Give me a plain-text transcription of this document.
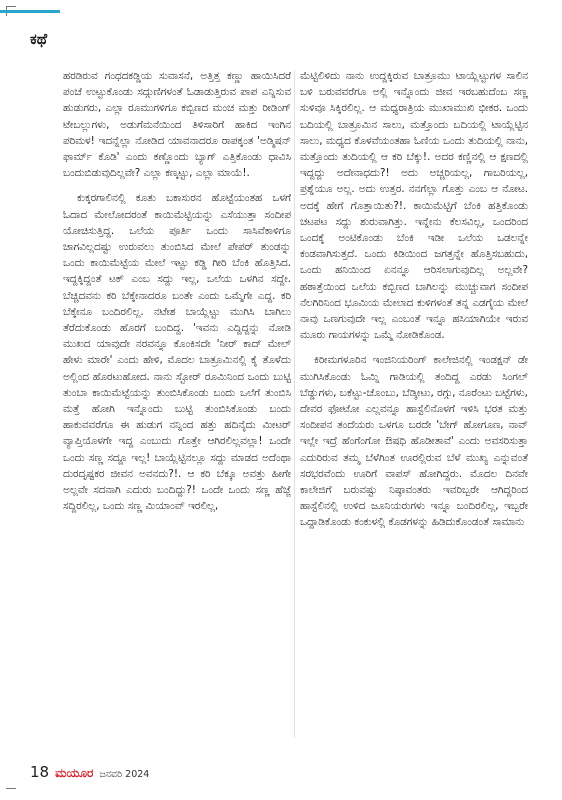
ಕಥೆ

ಹರಡಿರುವ ಗಂಧದಕಡ್ಡಿಯ ಸುವಾಸನೆ, ಅತ್ತಿತ್ತ ಕಣ್ಣು ಹಾಯಿಸಿದರೆ ಪಂಚೆ ಉಟ್ಟುಕೊಂಡು ಸದ್ಗುಣಿಗಳಂತೆ ಓಡಾಡುತ್ತಿರುವ ಪಾಪ ಎನ್ನಿಸುವ ಹುಡುಗರು, ಎಲ್ಲಾ ರೂಮುಗಳಿಗೂ ಕಬ್ಬಿಣದ ಮಂಚ ಮತ್ತು ರೀಡಿಂಗ್ ಟೇಬಲ್ಲುಗಳು, ಅಡುಗೆಮನೆಯಿಂದ ತಿಳಿಸಾರಿಗೆ ಹಾಕಿದ ಇಂಗಿನ ಪರಿಮಳ! ಇದನ್ನೆಲ್ಲಾ ನೋಡಿದ ಯಾವನಾದರೂ ರಾಪಕ್ಕಂತ 'ಅಡ್ಮಿಷನ್ ಫಾರ್ಮ್ ಕೊಡಿ' ಎಂದು ಕಣ್ಣೊಂದು ಬ್ಯಾಗ್ ಎತ್ತಿಕೊಂಡು ಧಾವಿಸಿ ಬಂದುಬಿಡುವುದಿಲ್ಲವೇ? ಎಲ್ಲಾ ಕಣ್ಕಟ್ಟು, ಎಲ್ಲಾ ಮಾಯೆ!.

ಕುಕ್ಕರಗಾಲಿನಲ್ಲಿ ಕೂತು ಬಕಾಸುರನ ಹೊಟ್ಟೆಯಂತಹ ಒಳಗೆ ಓದಾದ ಮೇಲೋದರಂತೆ ಕಾಯಿಮೆಟ್ಟಿಯನ್ನು ಎಸೆಯುತ್ತಾ ಸಂದೀಪ ಯೋಚಿಸುತ್ತಿದ್ದ. ಒಲೆಯ ಪೂರ್ತಿ ಒಂದು ಸಾಸಿವೆಕಾಳಿಗೂ ಜಾಗವಿಲ್ಲದಷ್ಟು ಉರುವಲು ತುಂಬಿಸಿದ ಮೇಲೆ ಪೇಪರ್ ತುಂಡನ್ನು ಒಂದು ಕಾಯಿಮೆಟ್ಟೆಯ ಮೇಲೆ ಇಟ್ಟು ಕಡ್ಡಿ ಗೀರಿ ಬೆಂಕಿ ಹೊತ್ತಿಸಿದ. ಇದ್ದಕ್ಕಿದ್ದಂತೆ ಟಕ್ ಎಂಬ ಸದ್ದು ಇಲ್ಲ, ಒಲೆಯ ಒಳಗಿನ ಸದ್ದೇ. ಬೆಚ್ಚಿದವನು ಕರಿ ಬೆಕ್ಕೇನಾದರೂ ಬಂತೇ ಎಂದು ಒಮ್ಮೆಗೇ ಎದ್ದ. ಕರಿ ಬೆಕ್ಕೇನೂ ಬಂದಿರಲಿಲ್ಲ. ನಟೇಶ ಬಾಯ್ಲೆಟ್ಟು ಮುಗಿಸಿ ಬಾಗಿಲು ತೆರೆದುಕೊಂಡು ಹೊರಗೆ ಬಂದಿದ್ದ. 'ಇವನು ಎದ್ದಿದ್ದನ್ನು ನೋಡಿ ಮುಖದ ಯಾವುದೇ ನರವನ್ನೂ ಕೊಂಕಿಸದೇ 'ನೀರ್ ಕಾದ್ ಮೇಲ್ ಹೇಳು ಮಾರೇ' ಎಂದು ಹೇಳಿ, ಮೊದಲ ಬಾತ್ರೂಮಿನಲ್ಲಿ ಕೈ ತೊಳೆದು ಅಲ್ಲಿಂದ ಹೊರಟುಹೋದ. ನಾನು ಸ್ಟೋರ್ ರೂಮಿನಿಂದ ಒಂದು ಬುಟ್ಟಿ ತುಂಬಾ ಕಾಯಿಮೆಟ್ಟೆಯನ್ನು ತುಂಬಿಸಿಕೊಂಡು ಬಂದು ಒಲೆಗೆ ತುಂಬಿಸಿ ಮತ್ತೆ ಹೋಗಿ ಇನ್ನೊಂದು ಬುಟ್ಟಿ ತುಂಬಿಸಿಕೊಂಡು ಬಂದು ಹಾಕುವವರೆಗೂ ಈ ಹುಡುಗ ನನ್ನಿಂದ ಹತ್ತು ಹದಿನೈದು ಮೀಟರ್ ವ್ಯಾಪ್ತಿಯೊಳಗೇ ಇದ್ದ ಎಂಬುದು ಗೊತ್ತೇ ಆಗಿರಲಿಲ್ಲವಲ್ಲಾ! ಒಂದೇ ಒಂದು ಸಣ್ಣ ಸದ್ದೂ ಇಲ್ಲ! ಬಾಯ್ಲೆಟ್ಟಿನಲ್ಲೂ ಸದ್ದು ಮಾಡದ ಅದೆಂಥಾ ದುರದೃಷ್ಟಕರ ಜೀವನ ಅವನದು?!. ಆ ಕರಿ ಬೆಕ್ಕೂ ಅವತ್ತು ಹೀಗೇ ಅಲ್ಲವೇ ಸದನಾಗಿ ಎದುರು ಬಂದಿದ್ದು?! ಒಂದೇ ಒಂದು ಸಣ್ಣ ಹೆಜ್ಜೆ ಸದ್ದಿರಲಿಲ್ಲ, ಒಂದು ಸಣ್ಣ ಮಿಯಾಂವ್ ಇರಲಿಲ್ಲ,

ಮೆಟ್ಟಿಲಿಳಿದು ನಾನು ಉದ್ದಕ್ಕಿರುವ ಬಾತ್ರೂಮು ಟಾಯ್ಲೆಟ್ಟುಗಳ ಸಾಲಿನ ಬಳಿ ಬರುವವರೆಗೂ ಅಲ್ಲಿ ಇನ್ನೊಂದು ಜೀವ ಇರಬಹುದೆಂಬ ಸಣ್ಣ ಸುಳಿವೂ ಸಿಕ್ಕಿರಲಿಲ್ಲ. ಆ ಮಧ್ಯರಾತ್ರಿಯ ಮುಖಾಮುಖಿ ಭೀಕರ. ಒಂದು ಬದಿಯಲ್ಲಿ ಬಾತ್ರೂಮಿನ ಸಾಲು, ಮತ್ತೊಂದು ಬದಿಯಲ್ಲಿ ಟಾಯ್ಲೆಟ್ಟಿನ ಸಾಲು, ಮಧ್ಯದ ಕೊಳವೆಯಂತಹಾ ಓಣಿಯ ಒಂದು ತುದಿಯಲ್ಲಿ ನಾನು, ಮತ್ತೊಂದು ತುದಿಯಲ್ಲಿ ಆ ಕರಿ ಬೆಕ್ಕು!. ಅದರ ಕಣ್ಣಿನಲ್ಲಿ ಆ ಕ್ಷಣದಲ್ಲಿ ಇದ್ದದ್ದು ಅದೇನಾಧದು?! ಅದು ಅಚ್ಚರಿಯಲ್ಲ, ಗಾಬರಿಯಲ್ಲ, ಪ್ರಶ್ನೆಯೂ ಅಲ್ಲ. ಅದು ಉತ್ತರ. ನನಗೆಲ್ಲಾ ಗೊತ್ತು ಎಂಬ ಆ ನೋಟ. ಅದಕ್ಕೆ ಹೇಗೆ ಗೊತ್ತಾಯಿತು?!. ಕಾಯಿಮೆಟ್ಟಿಗೆ ಬೆಂಕಿ ಹತ್ತಿಕೊಂಡು ಚಟಪಟ ಸದ್ದು ಶುರುವಾಗಿತ್ತು. ಇನ್ನೇನು ಕೆಲಸವಿಲ್ಲ, ಒಂದರಿಂದ ಒಂದಕ್ಕೆ ಅಂಟಿಕೊಂಡು ಬೆಂಕಿ ಇಡೀ ಒಲೆಯ ಒಡಲನ್ನೇ ಕಂಡವಾಗಿಸುತ್ತದೆ. ಒಂದು ಕಿಡಿಯಿಂದ ಜಗತ್ತನ್ನೇ ಹೊತ್ತಿಸಬಹುದು, ಒಂದು ಹನಿಯಿಂದ ಏನನ್ನೂ ಆರಿಸಲಾಗುವುದಿಲ್ಲ ಅಲ್ಲವೇ? ಹಠಾತ್ತೆಯಿಂದ ಒಲೆಯ ಕಬ್ಬಿಣದ ಬಾಗಿಲನ್ನು ಮುಚ್ಚುವಾಗ ಸಂದೀಪ ನೆಲಗಿರಿನಿಂದ ಭೂಮಿಯ ಮೇಲಾದ ಕುಳಿಗಳಂತೆ ತನ್ನ ಎಡಗೈಯ ಮೇಲೆ ನಾವು ಒಣಗುವುದೇ ಇಲ್ಲ ಎಂಬಂತೆ ಇನ್ನೂ ಹಸಿಯಾಗಿಯೇ ಇರುವ ಮೂರು ಗಾಯಗಳನ್ನು ಒಮ್ಮೆ ನೋಡಿಕೊಂಡ.

ಕಿರೀಮಗಳೂರಿನ ಇಂಜಿನಿಯರಿಂಗ್ ಕಾಲೇಜಿನಲ್ಲಿ ಇಂಡಕ್ಷನ್ ಡೇ ಮುಗಿಸಿಕೊಂಡು ಓಮ್ನಿ ಗಾಡಿಯಲ್ಲಿ ತಂದಿದ್ದ ಎರಡು ಸಿಂಗಲ್ ಬೆಡ್ಡುಗಳು, ಬಕೆಟ್ಟು-ಚೊಂಬು, ಬೆಡ್ಶೀಟು, ರಗ್ಗು, ನೂರೆಂಟು ಬಟ್ಟೆಗಳು, ದೇವರ ಫೋಟೋ ಎಲ್ಲವನ್ನೂ ಹಾಸ್ಟೆಲಿನೊಳಗೆ ಇಳಿಸಿ ಭರತ ಮತ್ತು ಸಂದೀಪನ ತಂದೆಯರು ಒಳಗೂ ಬರದೇ 'ಬೇಗ್ ಹೋಗೂಣ, ನಾವ್ ಇಲ್ಲೇ ಇದ್ರೆ ಹೆಂಗೆಂಗೋ ಔಷಧಿ ಹೊಡೀತಾವೆ' ಎಂದು ಅವಸರಿಸುತ್ತಾ ಎದುರಿರುವ ತಮ್ಮ ಬೆಳೆಗಿಂತ ಊರಲ್ಲಿರುವ ಬೆಳೆ ಮುಖ್ಯ ಎನ್ನುವಂತೆ ಸರಭರವೆಂದು ಊರಿಗೆ ವಾಪಸ್ ಹೋಗಿದ್ದರು. ಮೊದಲ ದಿನವೇ ಕಾಲೇಜಿಗೆ ಬರುವಷ್ಟು ನಿಷ್ಠಾವಂತರು ಇವರಿಬ್ಬರೇ ಆಗಿದ್ದರಿಂದ ಹಾಸ್ಟೆಲಿನಲ್ಲಿ ಉಳಿದ ಜೂನಿಯರುಗಳು ಇನ್ನೂ ಬಂದಿರಲಿಲ್ಲ, ಇಬ್ಬರೇ ಒದ್ದಾಡಿಕೊಂಡು ಕಂಕುಳಲ್ಲಿ ಕೊಡಗಳನ್ನು ಹಿಡಿದುಕೊಂಡಂತೆ ಸಾಮಾನು

18 ಮಯೂರ ಜನವರಿ 2024
